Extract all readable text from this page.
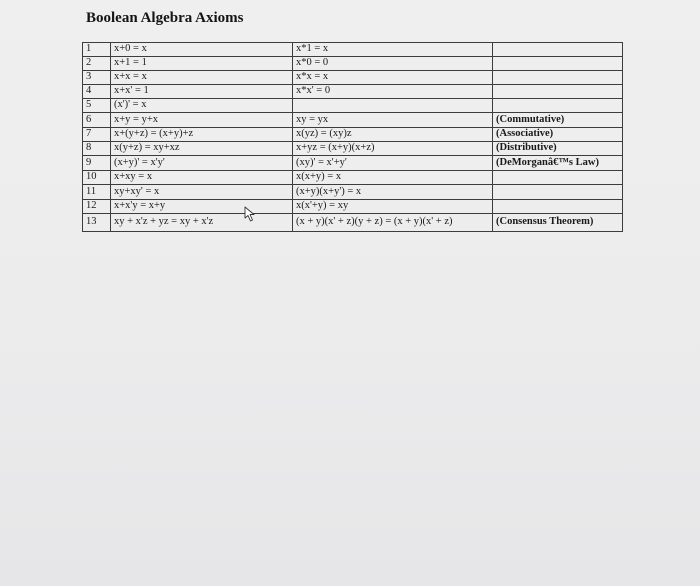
Boolean Algebra Axioms
1	x+0 = x	x*1 = x	
2	x+1 = 1	x*0 = 0	
3	x+x = x	x*x = x	
4	x+x' = 1	x*x' = 0	
5	(x')' = x		
6	x+y = y+x	xy = yx	(Commutative)
7	x+(y+z) = (x+y)+z	x(yz) = (xy)z	(Associative)
8	x(y+z) = xy+xz	x+yz = (x+y)(x+z)	(Distributive)
9	(x+y)' = x'y'	(xy)' = x'+y'	(DeMorganâ€™s Law)
10	x+xy = x	x(x+y) = x	
11	xy+xy' = x	(x+y)(x+y') = x	
12	x+x'y = x+y	x(x'+y) = xy	
13	xy + x'z + yz = xy + x'z	(x + y)(x' + z)(y + z) = (x + y)(x' + z)	(Consensus Theorem)
